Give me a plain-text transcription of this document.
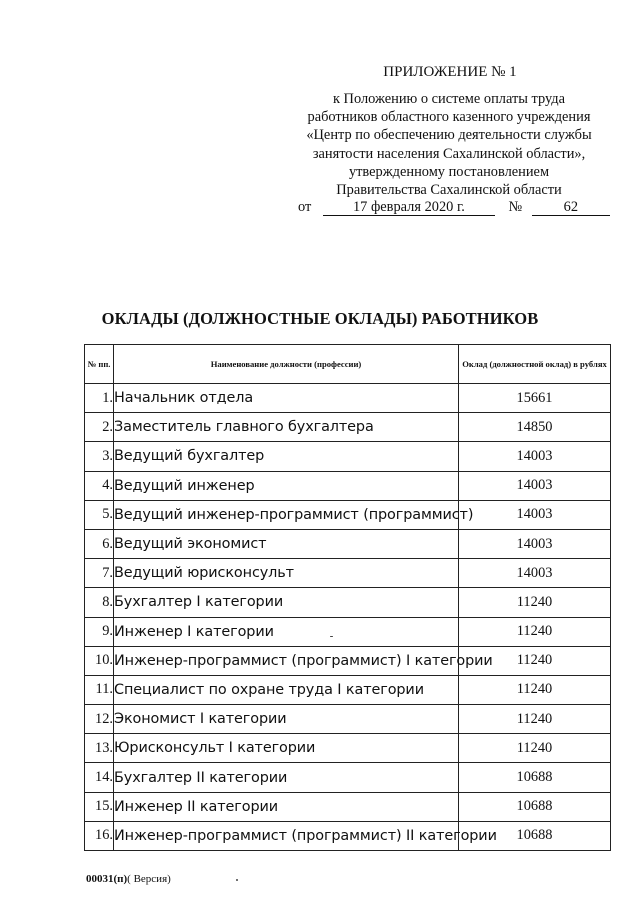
ПРИЛОЖЕНИЕ № 1
к Положению о системе оплаты труда
работников областного казенного учреждения
«Центр по обеспечению деятельности службы
занятости населения Сахалинской области»,
утвержденному постановлением
Правительства Сахалинской области
от	17 февраля 2020 г.	№	62
ОКЛАДЫ (ДОЛЖНОСТНЫЕ ОКЛАДЫ) РАБОТНИКОВ
№ пп.	Наименование должности (профессии)	Оклад (должностной оклад) в рублях
1.	Начальник отдела	15661
2.	Заместитель главного бухгалтера	14850
3.	Ведущий бухгалтер	14003
4.	Ведущий инженер	14003
5.	Ведущий инженер-программист (программист)	14003
6.	Ведущий экономист	14003
7.	Ведущий юрисконсульт	14003
8.	Бухгалтер I категории	11240
9.	Инженер I категории	11240
10.	Инженер-программист (программист) I категории	11240
11.	Специалист по охране труда I категории	11240
12.	Экономист I категории	11240
13.	Юрисконсульт I категории	11240
14.	Бухгалтер II категории	10688
15.	Инженер II категории	10688
16.	Инженер-программист (программист) II категории	10688
00031(п)( Версия)
